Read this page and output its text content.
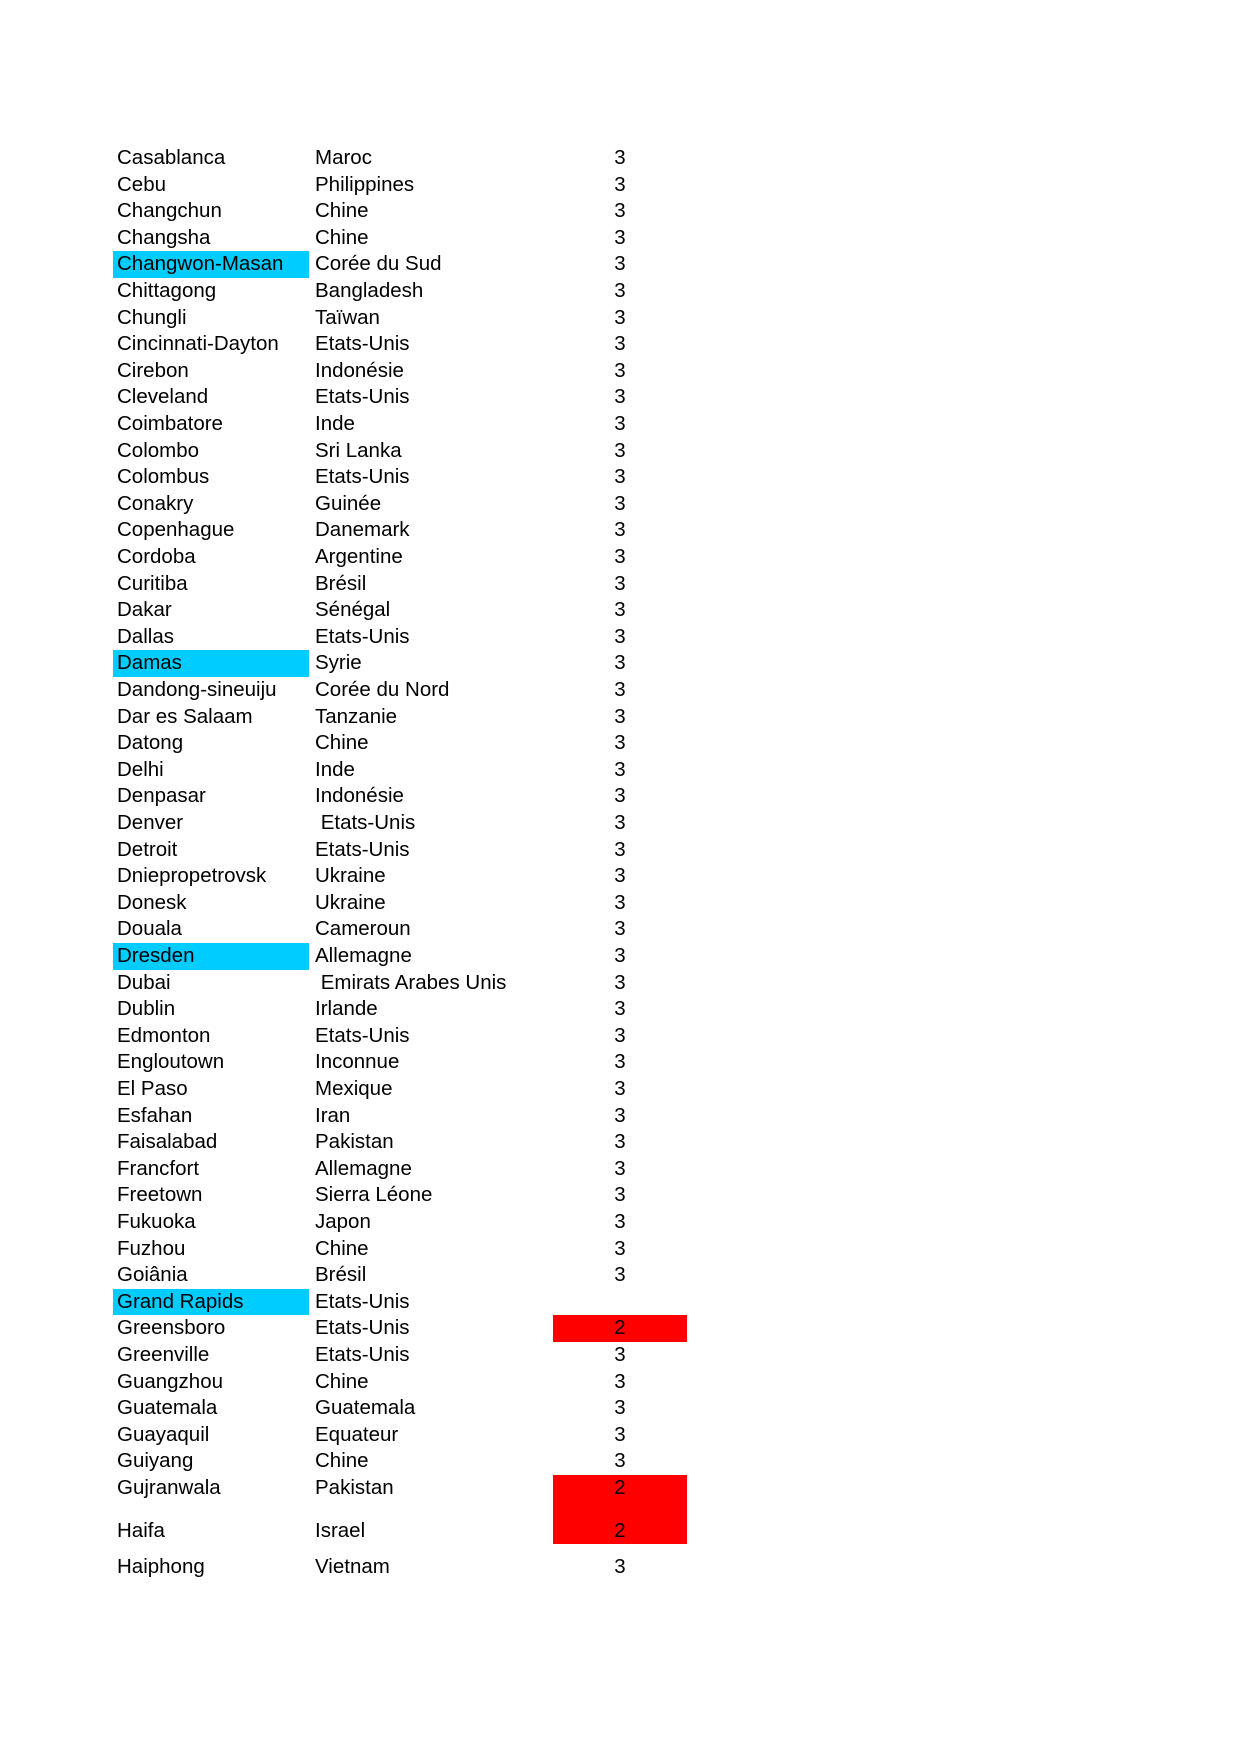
Casablanca	Maroc	3
Cebu	Philippines	3
Changchun	Chine	3
Changsha	Chine	3
Changwon-Masan	Corée du Sud	3
Chittagong	Bangladesh	3
Chungli	Taïwan	3
Cincinnati-Dayton	Etats-Unis	3
Cirebon	Indonésie	3
Cleveland	Etats-Unis	3
Coimbatore	Inde	3
Colombo	Sri Lanka	3
Colombus	Etats-Unis	3
Conakry	Guinée	3
Copenhague	Danemark	3
Cordoba	Argentine	3
Curitiba	Brésil	3
Dakar	Sénégal	3
Dallas	Etats-Unis	3
Damas	Syrie	3
Dandong-sineuiju	Corée du Nord	3
Dar es Salaam	Tanzanie	3
Datong	Chine	3
Delhi	Inde	3
Denpasar	Indonésie	3
Denver	Etats-Unis	3
Detroit	Etats-Unis	3
Dniepropetrovsk	Ukraine	3
Donesk	Ukraine	3
Douala	Cameroun	3
Dresden	Allemagne	3
Dubai	Emirats Arabes Unis	3
Dublin	Irlande	3
Edmonton	Etats-Unis	3
Engloutown	Inconnue	3
El Paso	Mexique	3
Esfahan	Iran	3
Faisalabad	Pakistan	3
Francfort	Allemagne	3
Freetown	Sierra Léone	3
Fukuoka	Japon	3
Fuzhou	Chine	3
Goiânia	Brésil	3
Grand Rapids	Etats-Unis
Greensboro	Etats-Unis	2
Greenville	Etats-Unis	3
Guangzhou	Chine	3
Guatemala	Guatemala	3
Guayaquil	Equateur	3
Guiyang	Chine	3
Gujranwala	Pakistan	2
Haifa	Israel	2
Haiphong	Vietnam	3
